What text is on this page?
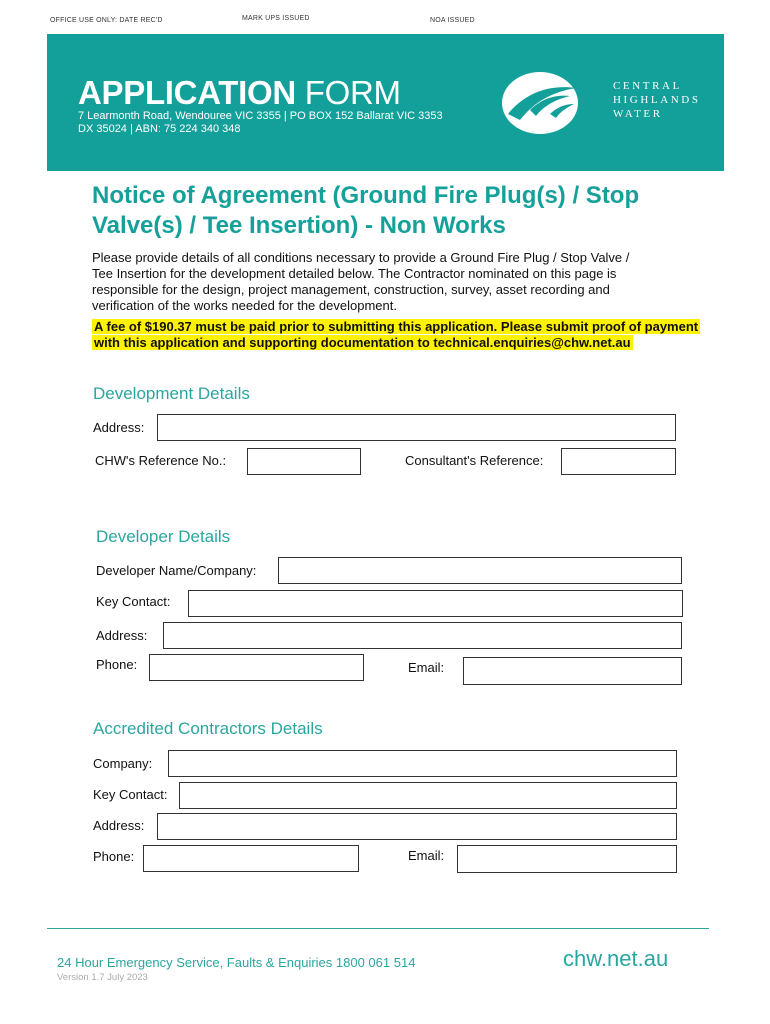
OFFICE USE ONLY: DATE REC'D	MARK UPS ISSUED	NOA ISSUED
APPLICATION FORM
7 Learmonth Road, Wendouree VIC 3355 | PO BOX 152 Ballarat VIC 3353
DX 35024 | ABN: 75 224 340 348
CENTRAL
HIGHLANDS
WATER
Notice of Agreement (Ground Fire Plug(s) / Stop Valve(s) / Tee Insertion) - Non Works
Please provide details of all conditions necessary to provide a Ground Fire Plug / Stop Valve / Tee Insertion for the development detailed below. The Contractor nominated on this page is responsible for the design, project management, construction, survey, asset recording and verification of the works needed for the development.
A fee of $190.37 must be paid prior to submitting this application. Please submit proof of payment with this application and supporting documentation to technical.enquiries@chw.net.au
Development Details
Address:
CHW's Reference No.:	Consultant's Reference:
Developer Details
Developer Name/Company:
Key Contact:
Address:
Phone:	Email:
Accredited Contractors Details
Company:
Key Contact:
Address:
Phone:	Email:
24 Hour Emergency Service, Faults & Enquiries 1800 061 514	chw.net.au
Version 1.7 July 2023
